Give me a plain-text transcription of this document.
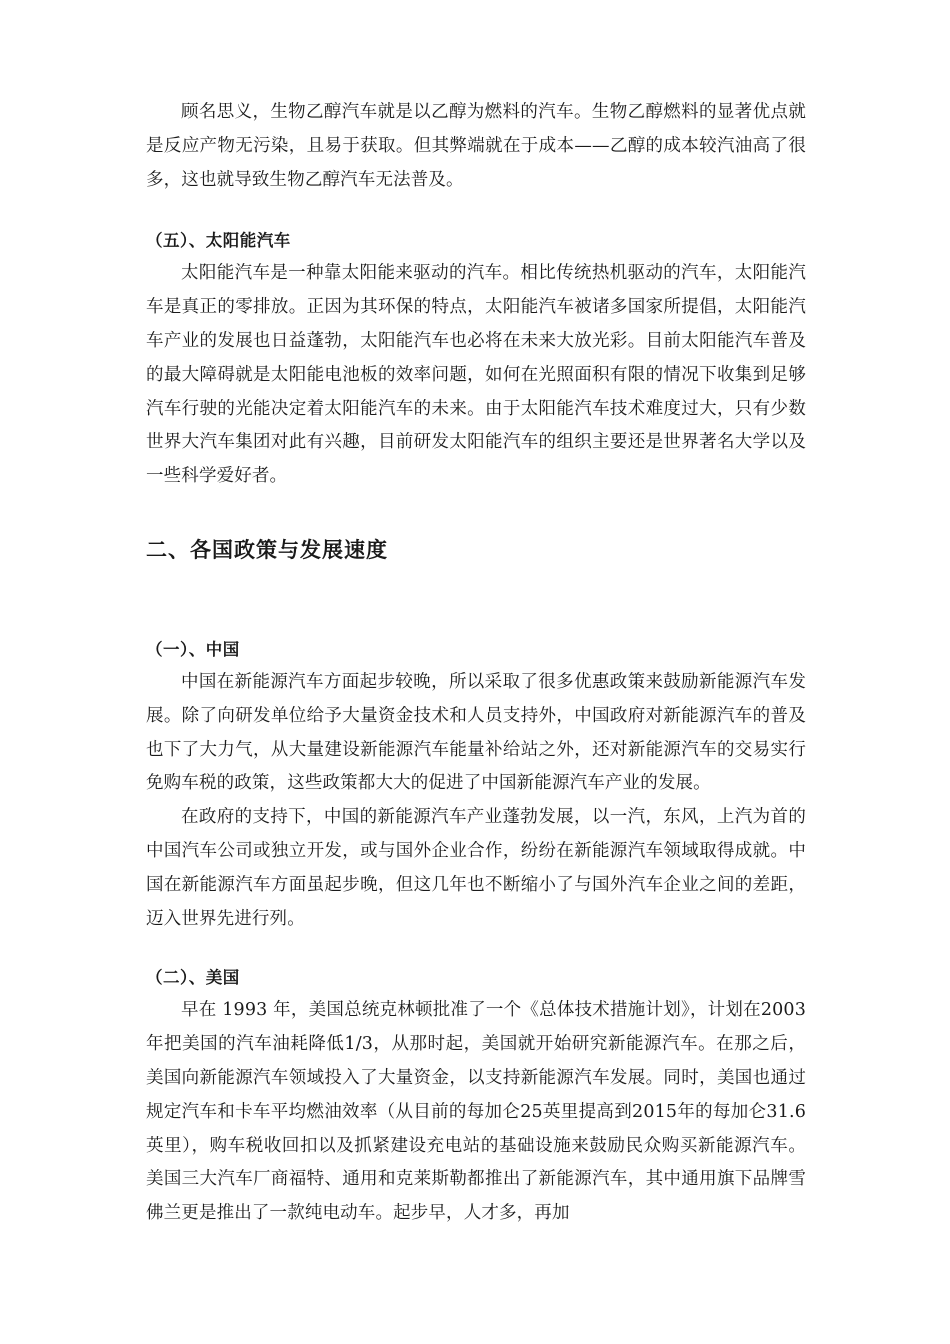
顾名思义，生物乙醇汽车就是以乙醇为燃料的汽车。生物乙醇燃料的显著优点就是反应产物无污染，且易于获取。但其弊端就在于成本——乙醇的成本较汽油高了很多，这也就导致生物乙醇汽车无法普及。

（五）、太阳能汽车

太阳能汽车是一种靠太阳能来驱动的汽车。相比传统热机驱动的汽车，太阳能汽车是真正的零排放。正因为其环保的特点，太阳能汽车被诸多国家所提倡，太阳能汽车产业的发展也日益蓬勃，太阳能汽车也必将在未来大放光彩。目前太阳能汽车普及的最大障碍就是太阳能电池板的效率问题，如何在光照面积有限的情况下收集到足够汽车行驶的光能决定着太阳能汽车的未来。由于太阳能汽车技术难度过大，只有少数世界大汽车集团对此有兴趣，目前研发太阳能汽车的组织主要还是世界著名大学以及一些科学爱好者。

二、各国政策与发展速度
（一）、中国

中国在新能源汽车方面起步较晚，所以采取了很多优惠政策来鼓励新能源汽车发展。除了向研发单位给予大量资金技术和人员支持外，中国政府对新能源汽车的普及也下了大力气，从大量建设新能源汽车能量补给站之外，还对新能源汽车的交易实行免购车税的政策，这些政策都大大的促进了中国新能源汽车产业的发展。

在政府的支持下，中国的新能源汽车产业蓬勃发展，以一汽，东风，上汽为首的中国汽车公司或独立开发，或与国外企业合作，纷纷在新能源汽车领域取得成就。中国在新能源汽车方面虽起步晚，但这几年也不断缩小了与国外汽车企业之间的差距，迈入世界先进行列。

（二）、美国

早在 1993 年，美国总统克林顿批准了一个《总体技术措施计划》，计划在2003年把美国的汽车油耗降低1/3，从那时起，美国就开始研究新能源汽车。在那之后，美国向新能源汽车领域投入了大量资金，以支持新能源汽车发展。同时，美国也通过规定汽车和卡车平均燃油效率（从目前的每加仑25英里提高到2015年的每加仑31.6英里），购车税收回扣以及抓紧建设充电站的基础设施来鼓励民众购买新能源汽车。美国三大汽车厂商福特、通用和克莱斯勒都推出了新能源汽车，其中通用旗下品牌雪佛兰更是推出了一款纯电动车。起步早，人才多，再加
